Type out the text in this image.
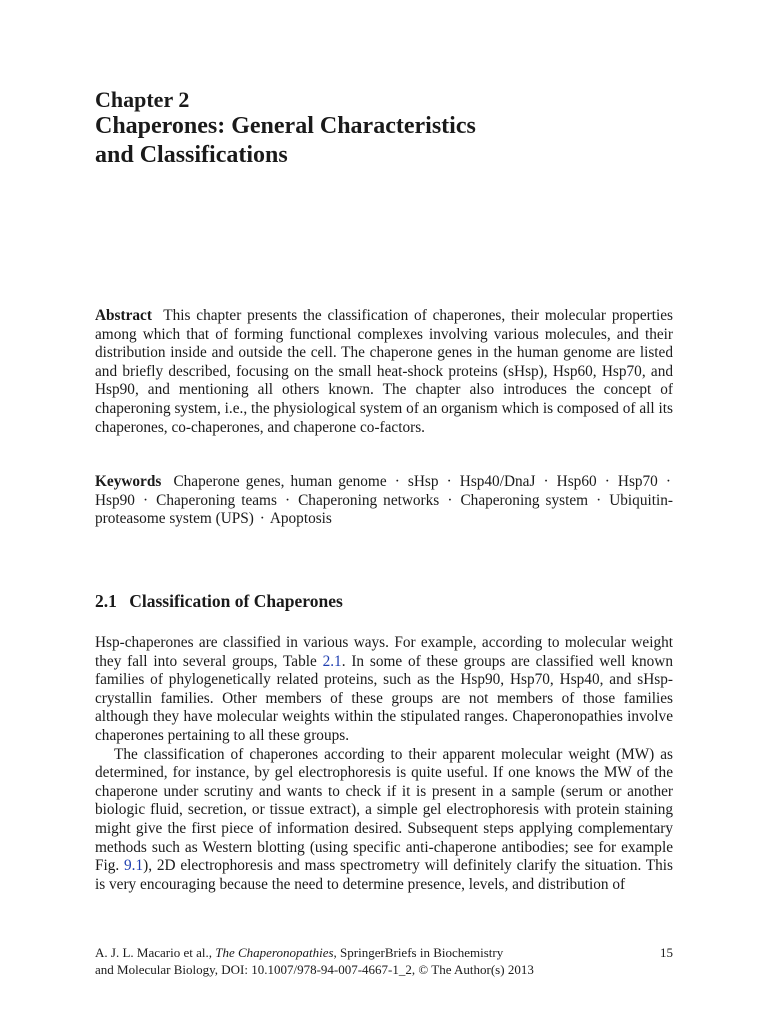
Chapter 2
Chaperones: General Characteristics
and Classifications
Abstract This chapter presents the classification of chaperones, their molecular properties among which that of forming functional complexes involving various molecules, and their distribution inside and outside the cell. The chaperone genes in the human genome are listed and briefly described, focusing on the small heat-shock proteins (sHsp), Hsp60, Hsp70, and Hsp90, and mentioning all others known. The chapter also introduces the concept of chaperoning system, i.e., the physiological system of an organism which is composed of all its chaperones, co-chaperones, and chaperone co-factors.
Keywords Chaperone genes, human genome · sHsp · Hsp40/DnaJ · Hsp60 · Hsp70 · Hsp90 · Chaperoning teams · Chaperoning networks · Chaperoning system · Ubiquitin-proteasome system (UPS) · Apoptosis
2.1 Classification of Chaperones

Hsp-chaperones are classified in various ways. For example, according to molecular weight they fall into several groups, Table 2.1. In some of these groups are classified well known families of phylogenetically related proteins, such as the Hsp90, Hsp70, Hsp40, and sHsp-crystallin families. Other members of these groups are not members of those families although they have molecular weights within the stipulated ranges. Chaperonopathies involve chaperones pertaining to all these groups.

The classification of chaperones according to their apparent molecular weight (MW) as determined, for instance, by gel electrophoresis is quite useful. If one knows the MW of the chaperone under scrutiny and wants to check if it is present in a sample (serum or another biologic fluid, secretion, or tissue extract), a simple gel electrophoresis with protein staining might give the first piece of information desired. Subsequent steps applying complementary methods such as Western blotting (using specific anti-chaperone antibodies; see for example Fig. 9.1), 2D electrophoresis and mass spectrometry will definitely clarify the situation. This is very encouraging because the need to determine presence, levels, and distribution of

A. J. L. Macario et al., The Chaperonopathies, SpringerBriefs in Biochemistry
and Molecular Biology, DOI: 10.1007/978-94-007-4667-1_2, © The Author(s) 2013
15
